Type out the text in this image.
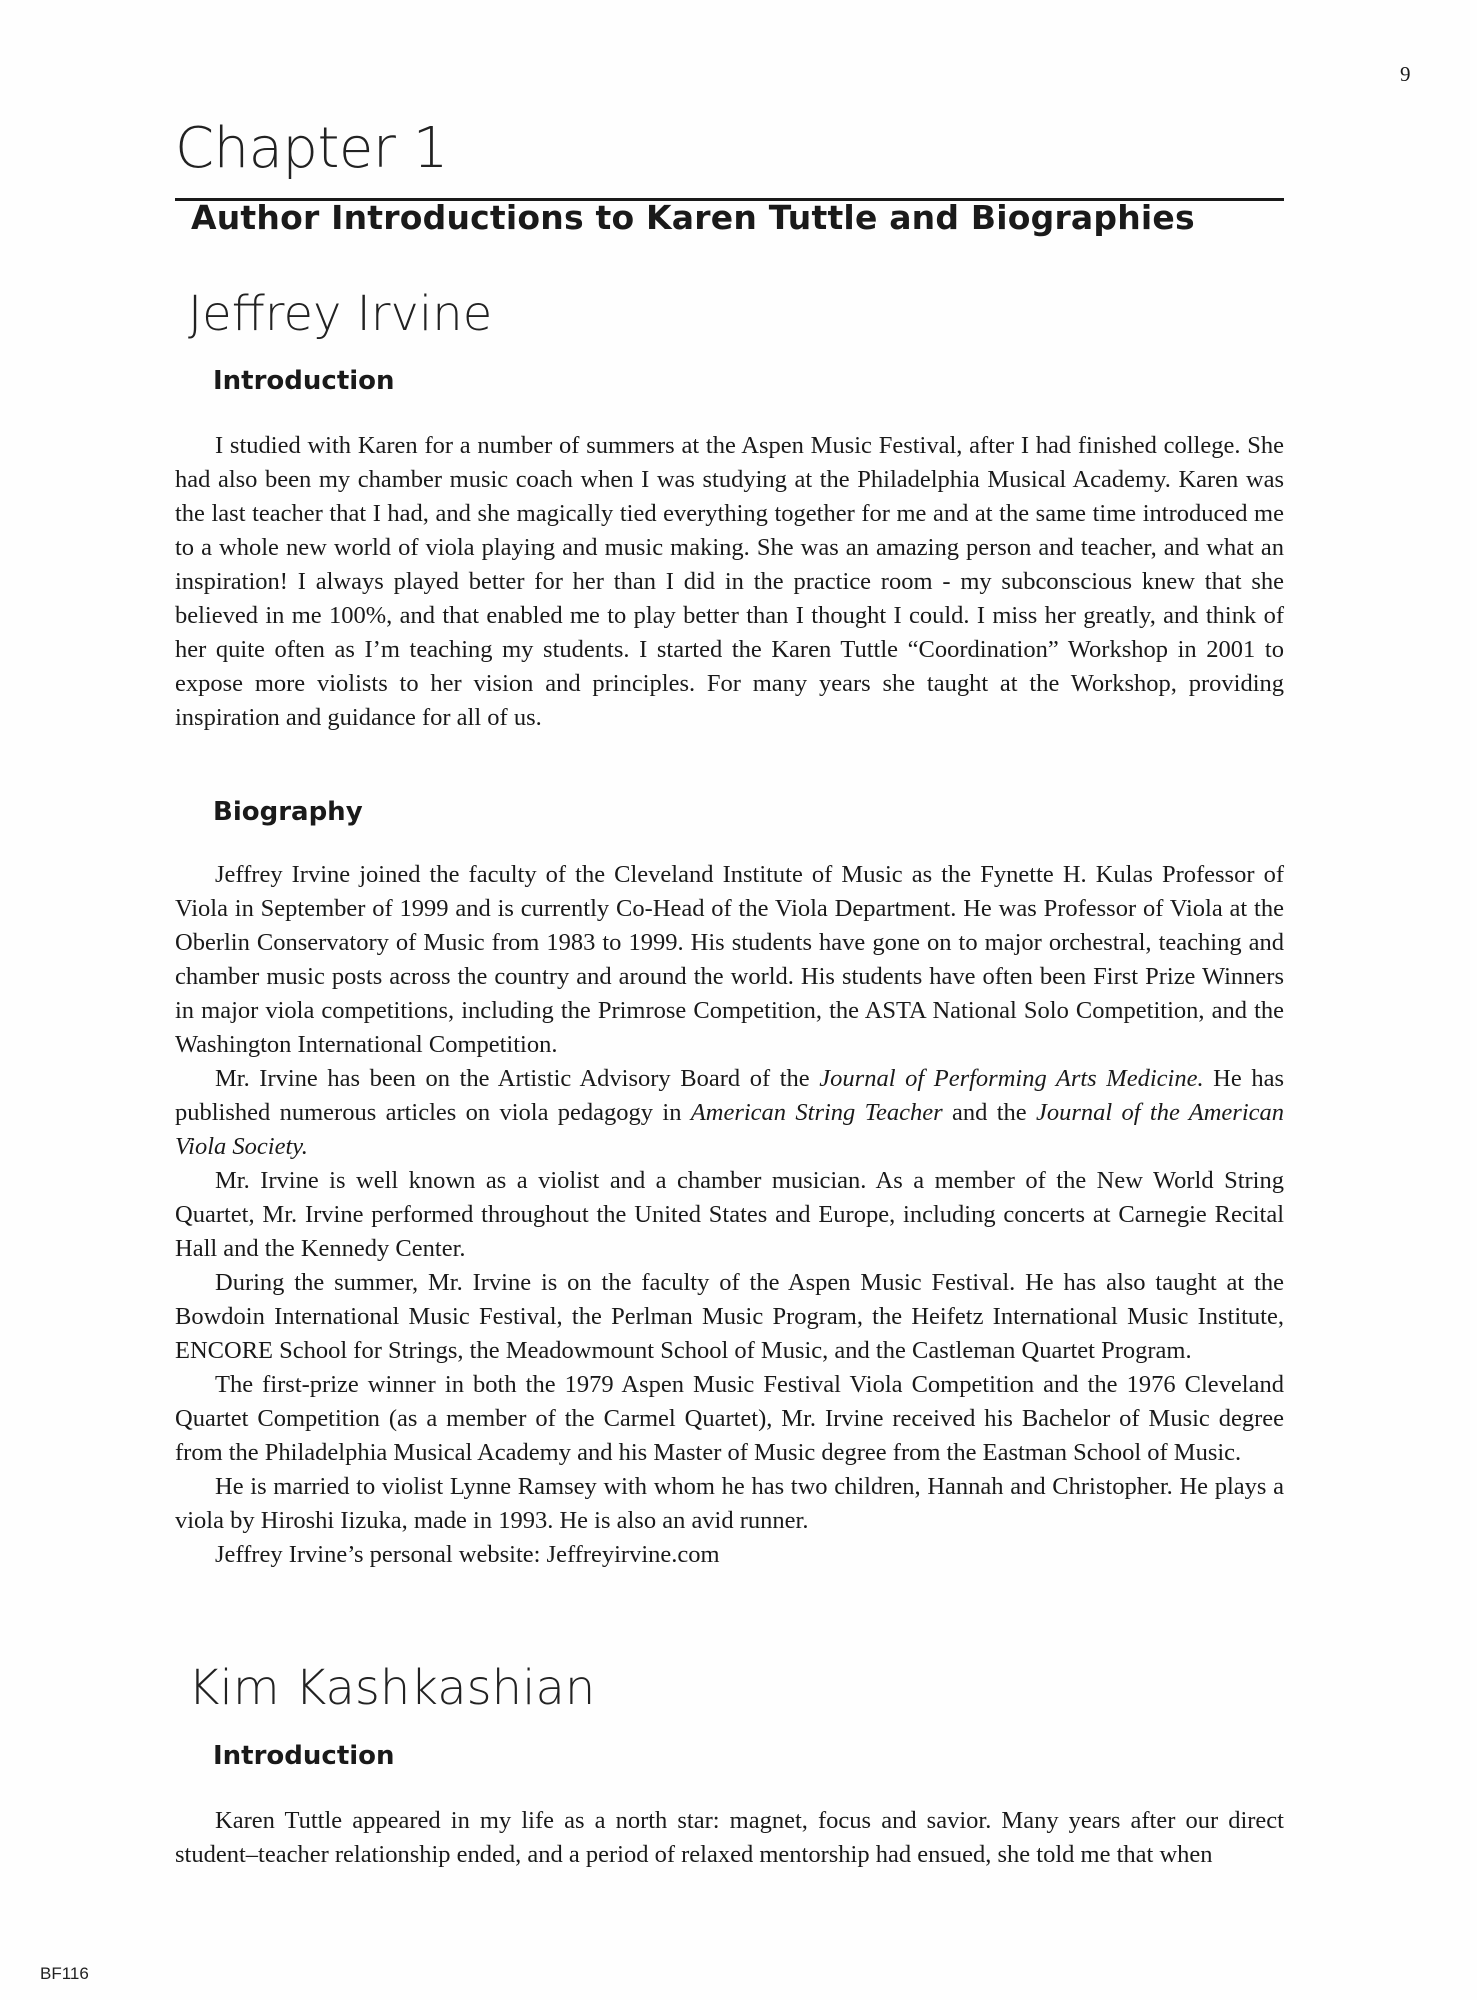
9
Chapter 1
Author Introductions to Karen Tuttle and Biographies
Jeffrey Irvine
Introduction

I studied with Karen for a number of summers at the Aspen Music Festival, after I had finished college. She had also been my chamber music coach when I was studying at the Philadelphia Musical Academy. Karen was the last teacher that I had, and she magically tied everything together for me and at the same time introduced me to a whole new world of viola playing and music making. She was an amazing person and teacher, and what an inspiration! I always played better for her than I did in the practice room - my subconscious knew that she believed in me 100%, and that enabled me to play better than I thought I could. I miss her greatly, and think of her quite often as I’m teaching my students. I started the Karen Tuttle “Coordination” Workshop in 2001 to expose more violists to her vision and principles. For many years she taught at the Workshop, providing inspiration and guidance for all of us.

Biography

Jeffrey Irvine joined the faculty of the Cleveland Institute of Music as the Fynette H. Kulas Professor of Viola in September of 1999 and is currently Co-Head of the Viola Department. He was Professor of Viola at the Oberlin Conservatory of Music from 1983 to 1999. His students have gone on to major orchestral, teaching and chamber music posts across the country and around the world. His students have often been First Prize Winners in major viola competitions, including the Primrose Competition, the ASTA National Solo Competition, and the Washington International Competition.

Mr. Irvine has been on the Artistic Advisory Board of the Journal of Performing Arts Medicine. He has published numerous articles on viola pedagogy in American String Teacher and the Journal of the American Viola Society.

Mr. Irvine is well known as a violist and a chamber musician. As a member of the New World String Quartet, Mr. Irvine performed throughout the United States and Europe, including concerts at Carnegie Recital Hall and the Kennedy Center.

During the summer, Mr. Irvine is on the faculty of the Aspen Music Festival. He has also taught at the Bowdoin International Music Festival, the Perlman Music Program, the Heifetz International Music Institute, ENCORE School for Strings, the Meadowmount School of Music, and the Castleman Quartet Program.

The first-prize winner in both the 1979 Aspen Music Festival Viola Competition and the 1976 Cleveland Quartet Competition (as a member of the Carmel Quartet), Mr. Irvine received his Bachelor of Music degree from the Philadelphia Musical Academy and his Master of Music degree from the Eastman School of Music.

He is married to violist Lynne Ramsey with whom he has two children, Hannah and Christopher. He plays a viola by Hiroshi Iizuka, made in 1993. He is also an avid runner.

Jeffrey Irvine’s personal website: Jeffreyirvine.com

Kim Kashkashian
Introduction

Karen Tuttle appeared in my life as a north star: magnet, focus and savior. Many years after our direct student–teacher relationship ended, and a period of relaxed mentorship had ensued, she told me that when

BF116
